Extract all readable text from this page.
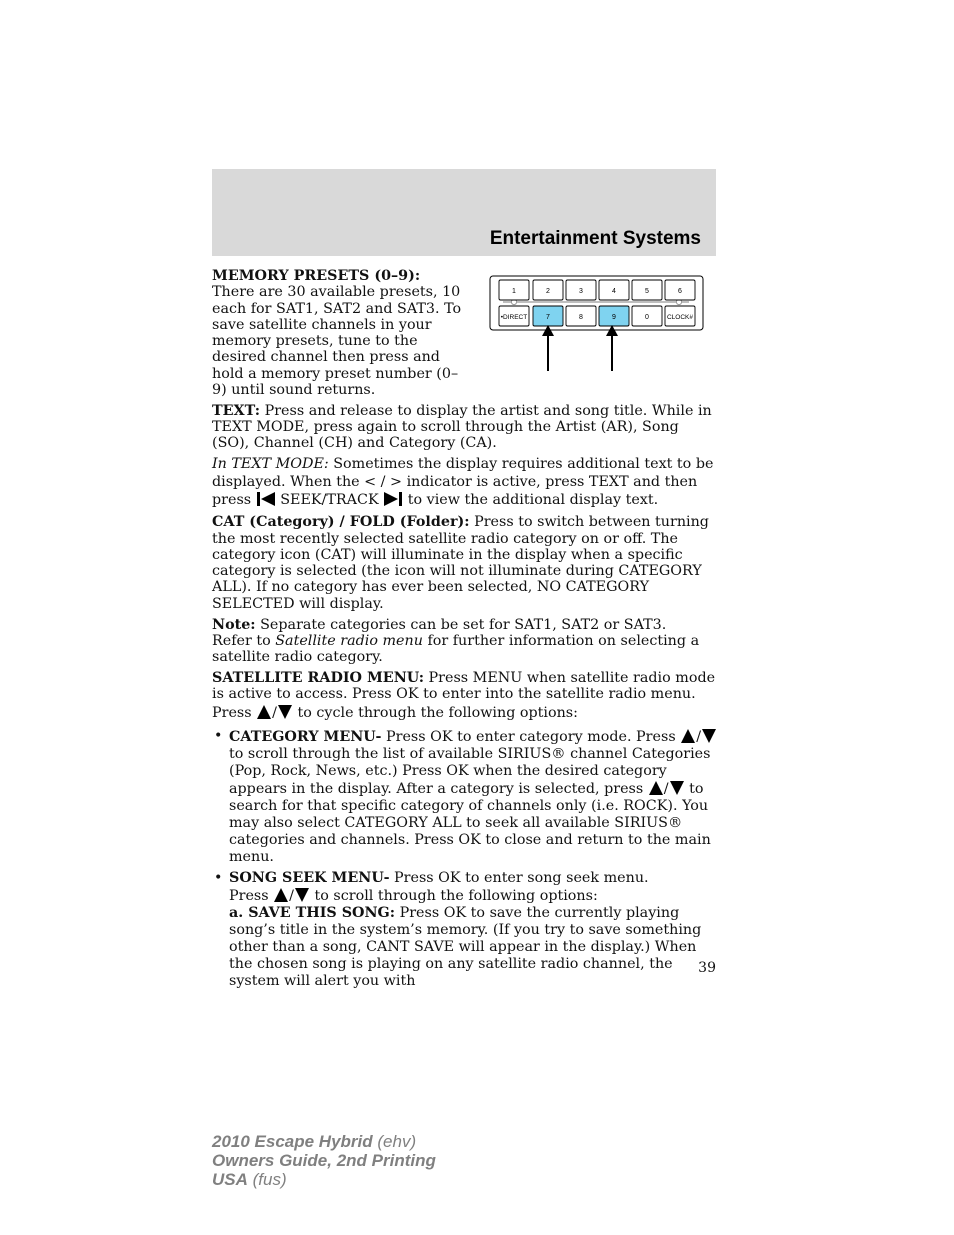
Entertainment Systems
1	2	3	4	5	6
•DIRECT	7	8	9	0	CLOCK#

MEMORY PRESETS (0–9): There are 30 available presets, 10 each for SAT1, SAT2 and SAT3. To save satellite channels in your memory presets, tune to the desired channel then press and hold a memory preset number (0–9) until sound returns.

TEXT: Press and release to display the artist and song title. While in TEXT MODE, press again to scroll through the Artist (AR), Song (SO), Channel (CH) and Category (CA).

In TEXT MODE: Sometimes the display requires additional text to be displayed. When the < / > indicator is active, press TEXT and then press SEEK/TRACK to view the additional display text.

CAT (Category) / FOLD (Folder): Press to switch between turning the most recently selected satellite radio category on or off. The category icon (CAT) will illuminate in the display when a specific category is selected (the icon will not illuminate during CATEGORY ALL). If no category has ever been selected, NO CATEGORY SELECTED will display.

Note: Separate categories can be set for SAT1, SAT2 or SAT3.
Refer to Satellite radio menu for further information on selecting a satellite radio category.

SATELLITE RADIO MENU: Press MENU when satellite radio mode is active to access. Press OK to enter into the satellite radio menu.
Press / to cycle through the following options:

• CATEGORY MENU- Press OK to enter category mode. Press / to scroll through the list of available SIRIUS® channel Categories (Pop, Rock, News, etc.) Press OK when the desired category appears in the display. After a category is selected, press / to search for that specific category of channels only (i.e. ROCK). You may also select CATEGORY ALL to seek all available SIRIUS® categories and channels. Press OK to close and return to the main menu.
• SONG SEEK MENU- Press OK to enter song seek menu.
Press / to scroll through the following options:
a. SAVE THIS SONG: Press OK to save the currently playing song’s title in the system’s memory. (If you try to save something other than a song, CANT SAVE will appear in the display.) When the chosen song is playing on any satellite radio channel, the system will alert you with
39
2010 Escape Hybrid (ehv)
Owners Guide, 2nd Printing
USA (fus)
